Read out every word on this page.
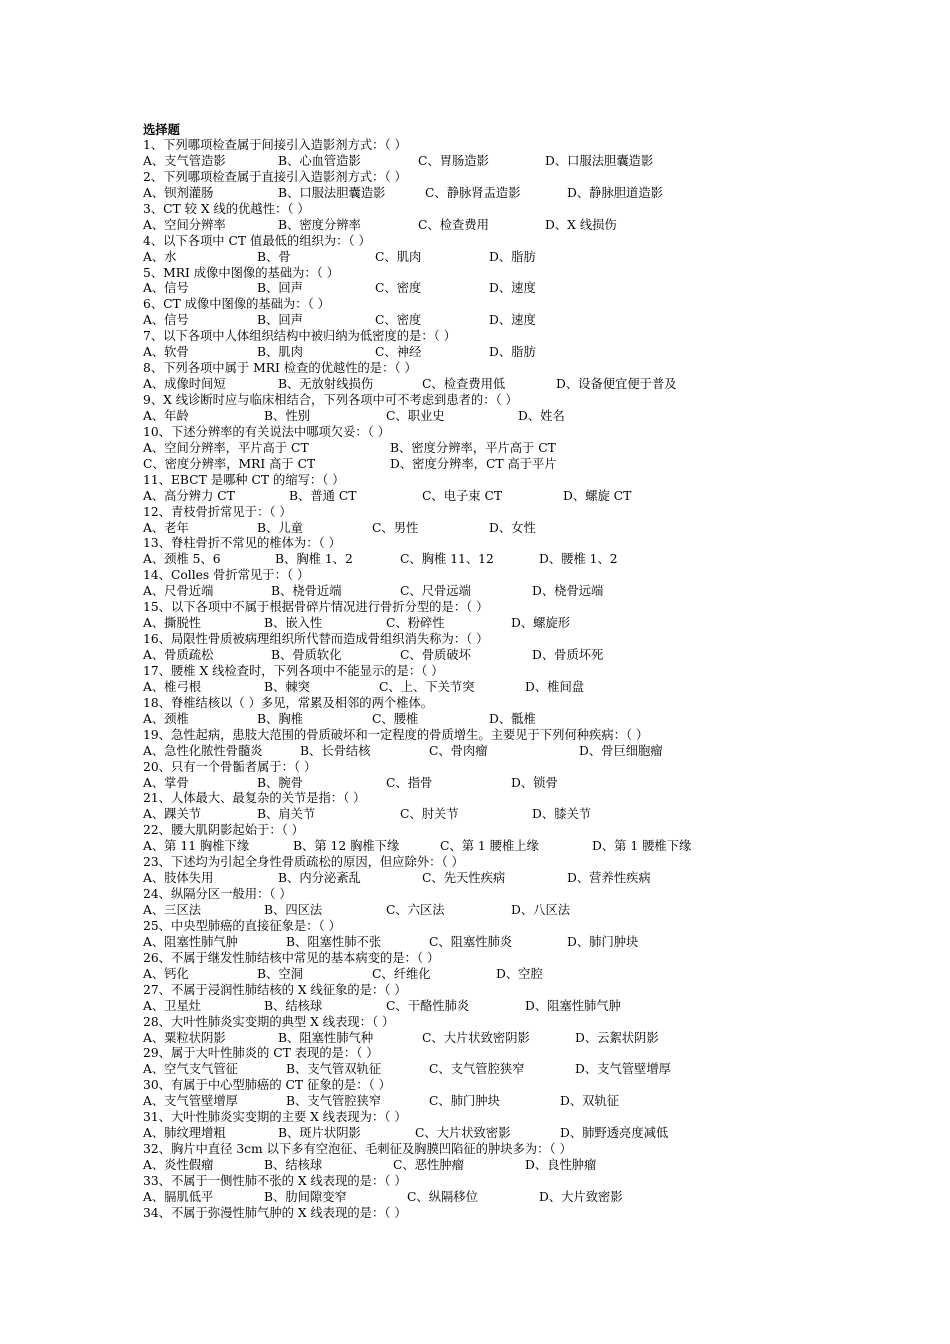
选择题
1、下列哪项检查属于间接引入造影剂方式：（ ）
A、支气管造影	B、心血管造影	C、胃肠造影	D、口服法胆囊造影
2、下列哪项检查属于直接引入造影剂方式：（ ）
A、钡剂灌肠	B、口服法胆囊造影	C、静脉肾盂造影	D、静脉胆道造影
3、CT 较 X 线的优越性：（ ）
A、空间分辨率	B、密度分辨率	C、检查费用	D、X 线损伤
4、以下各项中 CT 值最低的组织为：（ ）
A、水	B、骨	C、肌肉	D、脂肪
5、MRI 成像中图像的基础为：（ ）
A、信号	B、回声	C、密度	D、速度
6、CT 成像中图像的基础为：（ ）
A、信号	B、回声	C、密度	D、速度
7、以下各项中人体组织结构中被归纳为低密度的是：（ ）
A、软骨	B、肌肉	C、神经	D、脂肪
8、下列各项中属于 MRI 检查的优越性的是：（ ）
A、成像时间短	B、无放射线损伤	C、检查费用低	D、设备便宜便于普及
9、X 线诊断时应与临床相结合，下列各项中可不考虑到患者的：（ ）
A、年龄	B、性别	C、职业史	D、姓名
10、下述分辨率的有关说法中哪项欠妥：（ ）
A、空间分辨率，平片高于 CT	B、密度分辨率，平片高于 CT
C、密度分辨率，MRI 高于 CT	D、密度分辨率，CT 高于平片
11、EBCT 是哪种 CT 的缩写：（ ）
A、高分辨力 CT	B、普通 CT	C、电子束 CT	D、螺旋 CT
12、青枝骨折常见于：（ ）
A、老年	B、儿童	C、男性	D、女性
13、脊柱骨折不常见的椎体为：（ ）
A、颈椎 5、6	B、胸椎 1、2	C、胸椎 11、12	D、腰椎 1、2
14、Colles 骨折常见于：（ ）
A、尺骨近端	B、桡骨近端	C、尺骨远端	D、桡骨远端
15、以下各项中不属于根据骨碎片情况进行骨折分型的是：（ ）
A、撕脱性	B、嵌入性	C、粉碎性	D、螺旋形
16、局限性骨质被病理组织所代替而造成骨组织消失称为：（ ）
A、骨质疏松	B、骨质软化	C、骨质破坏	D、骨质坏死
17、腰椎 X 线检查时，下列各项中不能显示的是：（ ）
A、椎弓根	B、棘突	C、上、下关节突	D、椎间盘
18、脊椎结核以（ ）多见，常累及相邻的两个椎体。
A、颈椎	B、胸椎	C、腰椎	D、骶椎
19、急性起病，患肢大范围的骨质破坏和一定程度的骨质增生。主要见于下列何种疾病：（ ）
A、急性化脓性骨髓炎	B、长骨结核	C、骨肉瘤	D、骨巨细胞瘤
20、只有一个骨骺者属于：（ ）
A、掌骨	B、腕骨	C、指骨	D、锁骨
21、人体最大、最复杂的关节是指：（ ）
A、踝关节	B、肩关节	C、肘关节	D、膝关节
22、腰大肌阴影起始于：（ ）
A、第 11 胸椎下缘	B、第 12 胸椎下缘	C、第 1 腰椎上缘	D、第 1 腰椎下缘
23、下述均为引起全身性骨质疏松的原因，但应除外：（ ）
A、肢体失用	B、内分泌紊乱	C、先天性疾病	D、营养性疾病
24、纵隔分区一般用：（ ）
A、三区法	B、四区法	C、六区法	D、八区法
25、中央型肺癌的直接征象是：（ ）
A、阻塞性肺气肿	B、阻塞性肺不张	C、阻塞性肺炎	D、肺门肿块
26、不属于继发性肺结核中常见的基本病变的是：（ ）
A、钙化	B、空洞	C、纤维化	D、空腔
27、不属于浸润性肺结核的 X 线征象的是：（ ）
A、卫星灶	B、结核球	C、干酪性肺炎	D、阻塞性肺气肿
28、大叶性肺炎实变期的典型 X 线表现：（ ）
A、粟粒状阴影	B、阻塞性肺气种	C、大片状致密阴影	D、云絮状阴影
29、属于大叶性肺炎的 CT 表现的是：（ ）
A、空气支气管征	B、支气管双轨征	C、支气管腔狭窄	D、支气管壁增厚
30、有属于中心型肺癌的 CT 征象的是：（ ）
A、支气管壁增厚	B、支气管腔狭窄	C、肺门肿块	D、双轨征
31、大叶性肺炎实变期的主要 X 线表现为：（ ）
A、肺纹理增粗	B、斑片状阴影	C、大片状致密影	D、肺野透亮度减低
32、胸片中直径 3cm 以下多有空泡征、毛刺征及胸膜凹陷征的肿块多为：（ ）
A、炎性假瘤	B、结核球	C、恶性肿瘤	D、良性肿瘤
33、不属于一侧性肺不张的 X 线表现的是：（ ）
A、膈肌低平	B、肋间隙变窄	C、纵隔移位	D、大片致密影
34、不属于弥漫性肺气肿的 X 线表现的是：（ ）
